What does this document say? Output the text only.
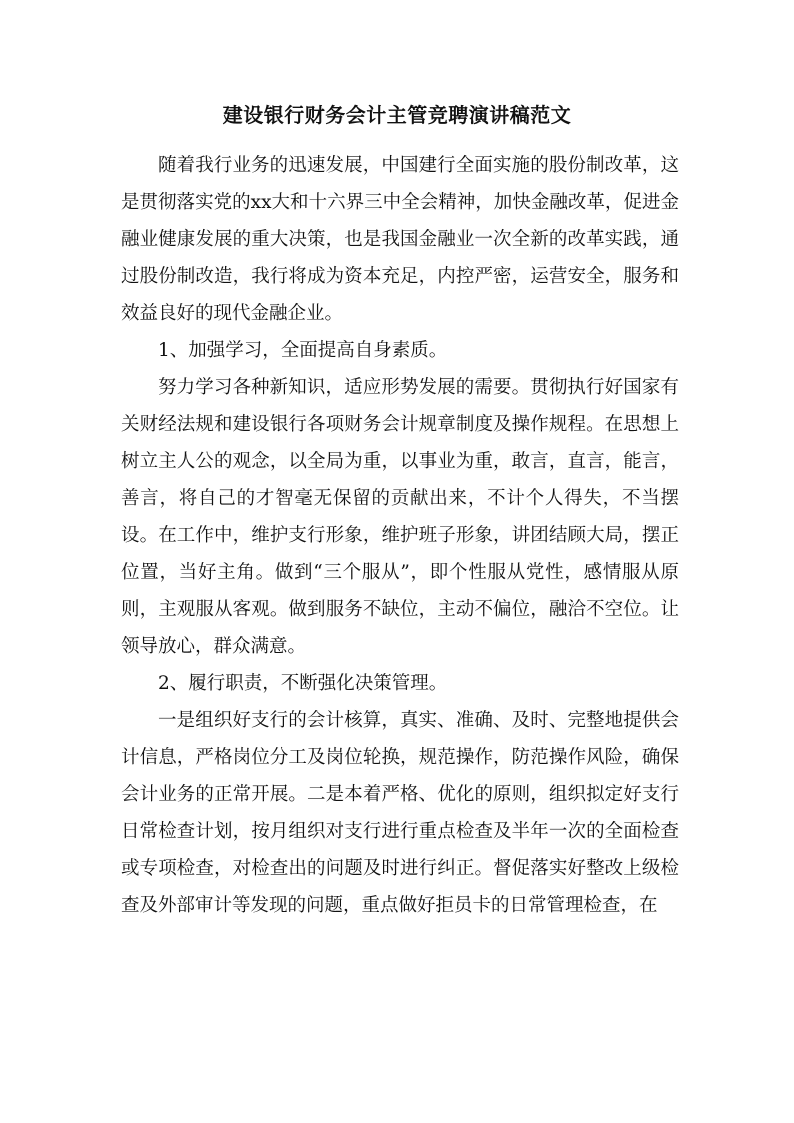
建设银行财务会计主管竞聘演讲稿范文

随着我行业务的迅速发展，中国建行全面实施的股份制改革，这是贯彻落实党的xx大和十六界三中全会精神，加快金融改革，促进金融业健康发展的重大决策，也是我国金融业一次全新的改革实践，通过股份制改造，我行将成为资本充足，内控严密，运营安全，服务和效益良好的现代金融企业。

1、加强学习，全面提高自身素质。

努力学习各种新知识，适应形势发展的需要。贯彻执行好国家有关财经法规和建设银行各项财务会计规章制度及操作规程。在思想上树立主人公的观念，以全局为重，以事业为重，敢言，直言，能言，善言，将自己的才智毫无保留的贡献出来，不计个人得失，不当摆设。在工作中，维护支行形象，维护班子形象，讲团结顾大局，摆正位置，当好主角。做到“三个服从”，即个性服从党性，感情服从原则，主观服从客观。做到服务不缺位，主动不偏位，融洽不空位。让领导放心，群众满意。

2、履行职责，不断强化决策管理。

一是组织好支行的会计核算，真实、准确、及时、完整地提供会计信息，严格岗位分工及岗位轮换，规范操作，防范操作风险，确保会计业务的正常开展。二是本着严格、优化的原则，组织拟定好支行日常检查计划，按月组织对支行进行重点检查及半年一次的全面检查或专项检查，对检查出的问题及时进行纠正。督促落实好整改上级检查及外部审计等发现的问题，重点做好拒员卡的日常管理检查，在
